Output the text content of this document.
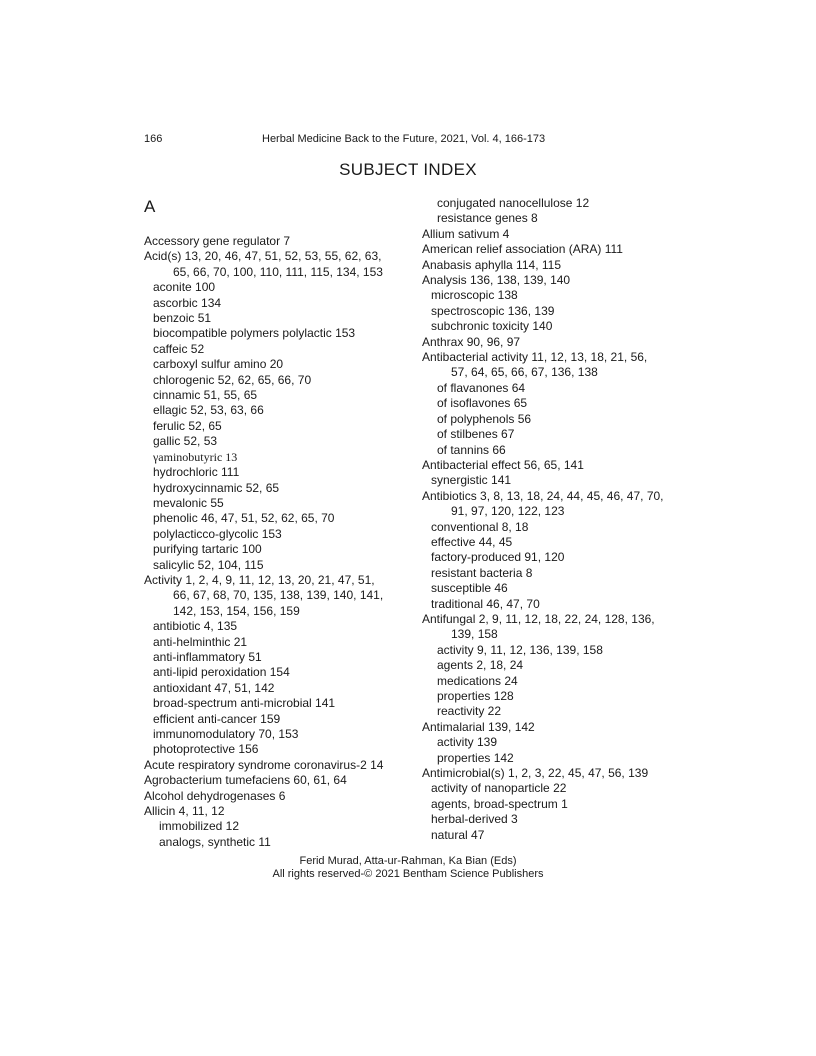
166	Herbal Medicine Back to the Future, 2021, Vol. 4, 166-173
SUBJECT INDEX
A
Accessory gene regulator 7
Acid(s) 13, 20, 46, 47, 51, 52, 53, 55, 62, 63,
65, 66, 70, 100, 110, 111, 115, 134, 153
aconite 100
ascorbic 134
benzoic 51
biocompatible polymers polylactic 153
caffeic 52
carboxyl sulfur amino 20
chlorogenic 52, 62, 65, 66, 70
cinnamic 51, 55, 65
ellagic 52, 53, 63, 66
ferulic 52, 65
gallic 52, 53
γaminobutyric 13
hydrochloric 111
hydroxycinnamic 52, 65
mevalonic 55
phenolic 46, 47, 51, 52, 62, 65, 70
polylacticco-glycolic 153
purifying tartaric 100
salicylic 52, 104, 115
Activity 1, 2, 4, 9, 11, 12, 13, 20, 21, 47, 51,
66, 67, 68, 70, 135, 138, 139, 140, 141,
142, 153, 154, 156, 159
antibiotic 4, 135
anti-helminthic 21
anti-inflammatory 51
anti-lipid peroxidation 154
antioxidant 47, 51, 142
broad-spectrum anti-microbial 141
efficient anti-cancer 159
immunomodulatory 70, 153
photoprotective 156
Acute respiratory syndrome coronavirus-2 14
Agrobacterium tumefaciens 60, 61, 64
Alcohol dehydrogenases 6
Allicin 4, 11, 12
immobilized 12
analogs, synthetic 11
conjugated nanocellulose 12
resistance genes 8
Allium sativum 4
American relief association (ARA) 111
Anabasis aphylla 114, 115
Analysis 136, 138, 139, 140
microscopic 138
spectroscopic 136, 139
subchronic toxicity 140
Anthrax 90, 96, 97
Antibacterial activity 11, 12, 13, 18, 21, 56,
57, 64, 65, 66, 67, 136, 138
of flavanones 64
of isoflavones 65
of polyphenols 56
of stilbenes 67
of tannins 66
Antibacterial effect 56, 65, 141
synergistic 141
Antibiotics 3, 8, 13, 18, 24, 44, 45, 46, 47, 70,
91, 97, 120, 122, 123
conventional 8, 18
effective 44, 45
factory-produced 91, 120
resistant bacteria 8
susceptible 46
traditional 46, 47, 70
Antifungal 2, 9, 11, 12, 18, 22, 24, 128, 136,
139, 158
activity 9, 11, 12, 136, 139, 158
agents 2, 18, 24
medications 24
properties 128
reactivity 22
Antimalarial 139, 142
activity 139
properties 142
Antimicrobial(s) 1, 2, 3, 22, 45, 47, 56, 139
activity of nanoparticle 22
agents, broad-spectrum 1
herbal-derived 3
natural 47
Ferid Murad, Atta-ur-Rahman, Ka Bian (Eds)
All rights reserved-© 2021 Bentham Science Publishers
